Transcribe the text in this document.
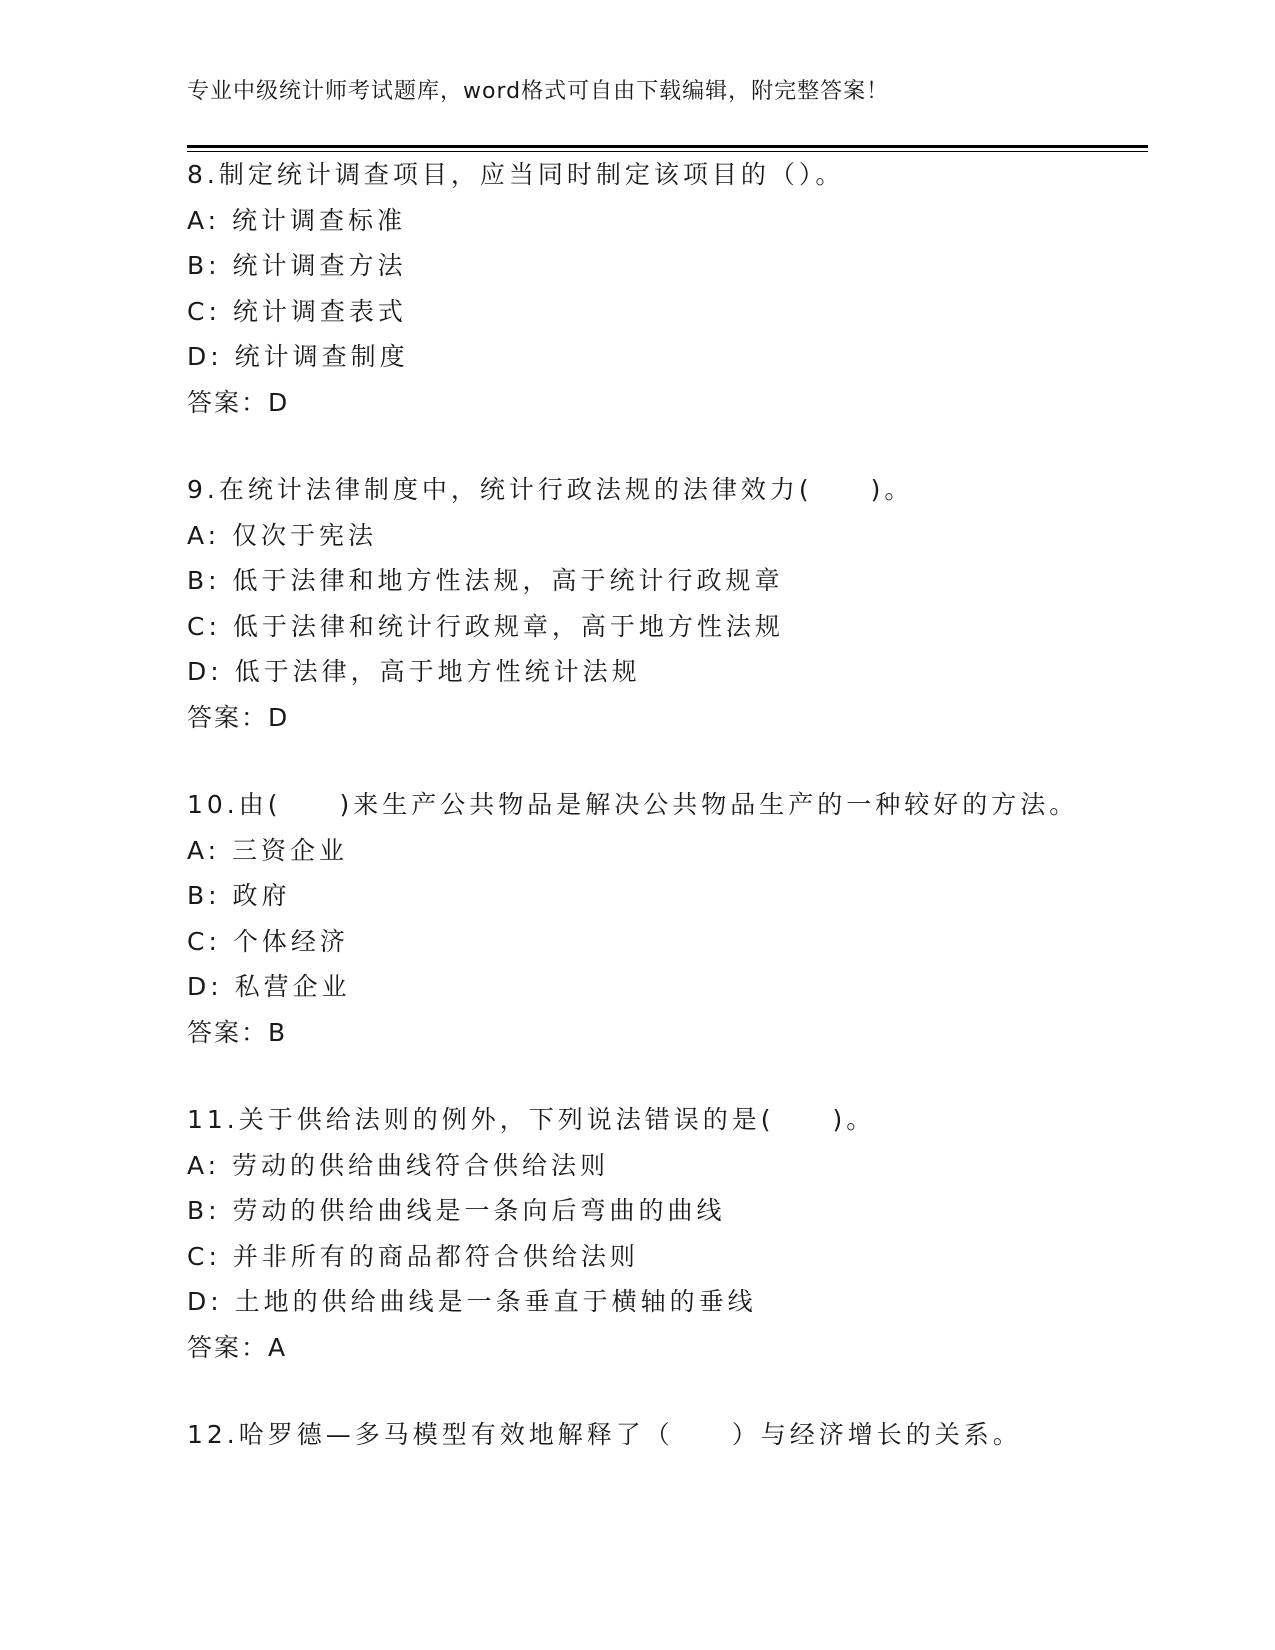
专业中级统计师考试题库，word格式可自由下载编辑，附完整答案！
8.制定统计调查项目，应当同时制定该项目的（）。
A: 统计调查标准
B: 统计调查方法
C: 统计调查表式
D: 统计调查制度
答案：D
9.在统计法律制度中，统计行政法规的法律效力(　　)。
A: 仅次于宪法
B: 低于法律和地方性法规，高于统计行政规章
C: 低于法律和统计行政规章，高于地方性法规
D: 低于法律，高于地方性统计法规
答案：D
10.由(　　)来生产公共物品是解决公共物品生产的一种较好的方法。
A: 三资企业
B: 政府
C: 个体经济
D: 私营企业
答案：B
11.关于供给法则的例外，下列说法错误的是(　　)。
A: 劳动的供给曲线符合供给法则
B: 劳动的供给曲线是一条向后弯曲的曲线
C: 并非所有的商品都符合供给法则
D: 土地的供给曲线是一条垂直于横轴的垂线
答案：A
12.哈罗德—多马模型有效地解释了（　　）与经济增长的关系。
